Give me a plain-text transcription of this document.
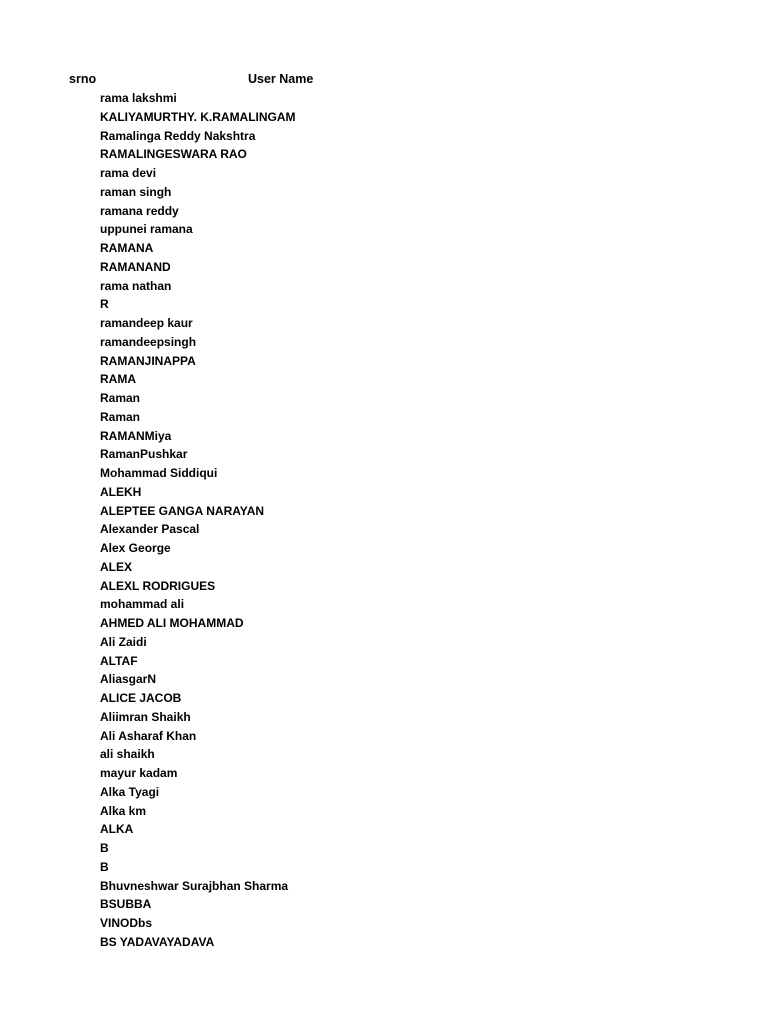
srno	User Name
rama lakshmi
KALIYAMURTHY. K.RAMALINGAM
Ramalinga Reddy Nakshtra
RAMALINGESWARA RAO
rama devi
raman singh
ramana reddy
uppunei ramana
RAMANA
RAMANAND
rama nathan
R
ramandeep kaur
ramandeepsingh
RAMANJINAPPA
RAMA
Raman
Raman
RAMANMiya
RamanPushkar
Mohammad Siddiqui
ALEKH
ALEPTEE GANGA NARAYAN
Alexander Pascal
Alex George
ALEX
ALEXL RODRIGUES
mohammad ali
AHMED ALI MOHAMMAD
Ali Zaidi
ALTAF
AliasgarN
ALICE JACOB
Aliimran Shaikh
Ali Asharaf Khan
ali shaikh
mayur kadam
Alka Tyagi
Alka km
ALKA
B
B
Bhuvneshwar Surajbhan Sharma
BSUBBA
VINODbs
BS YADAVAYADAVA
